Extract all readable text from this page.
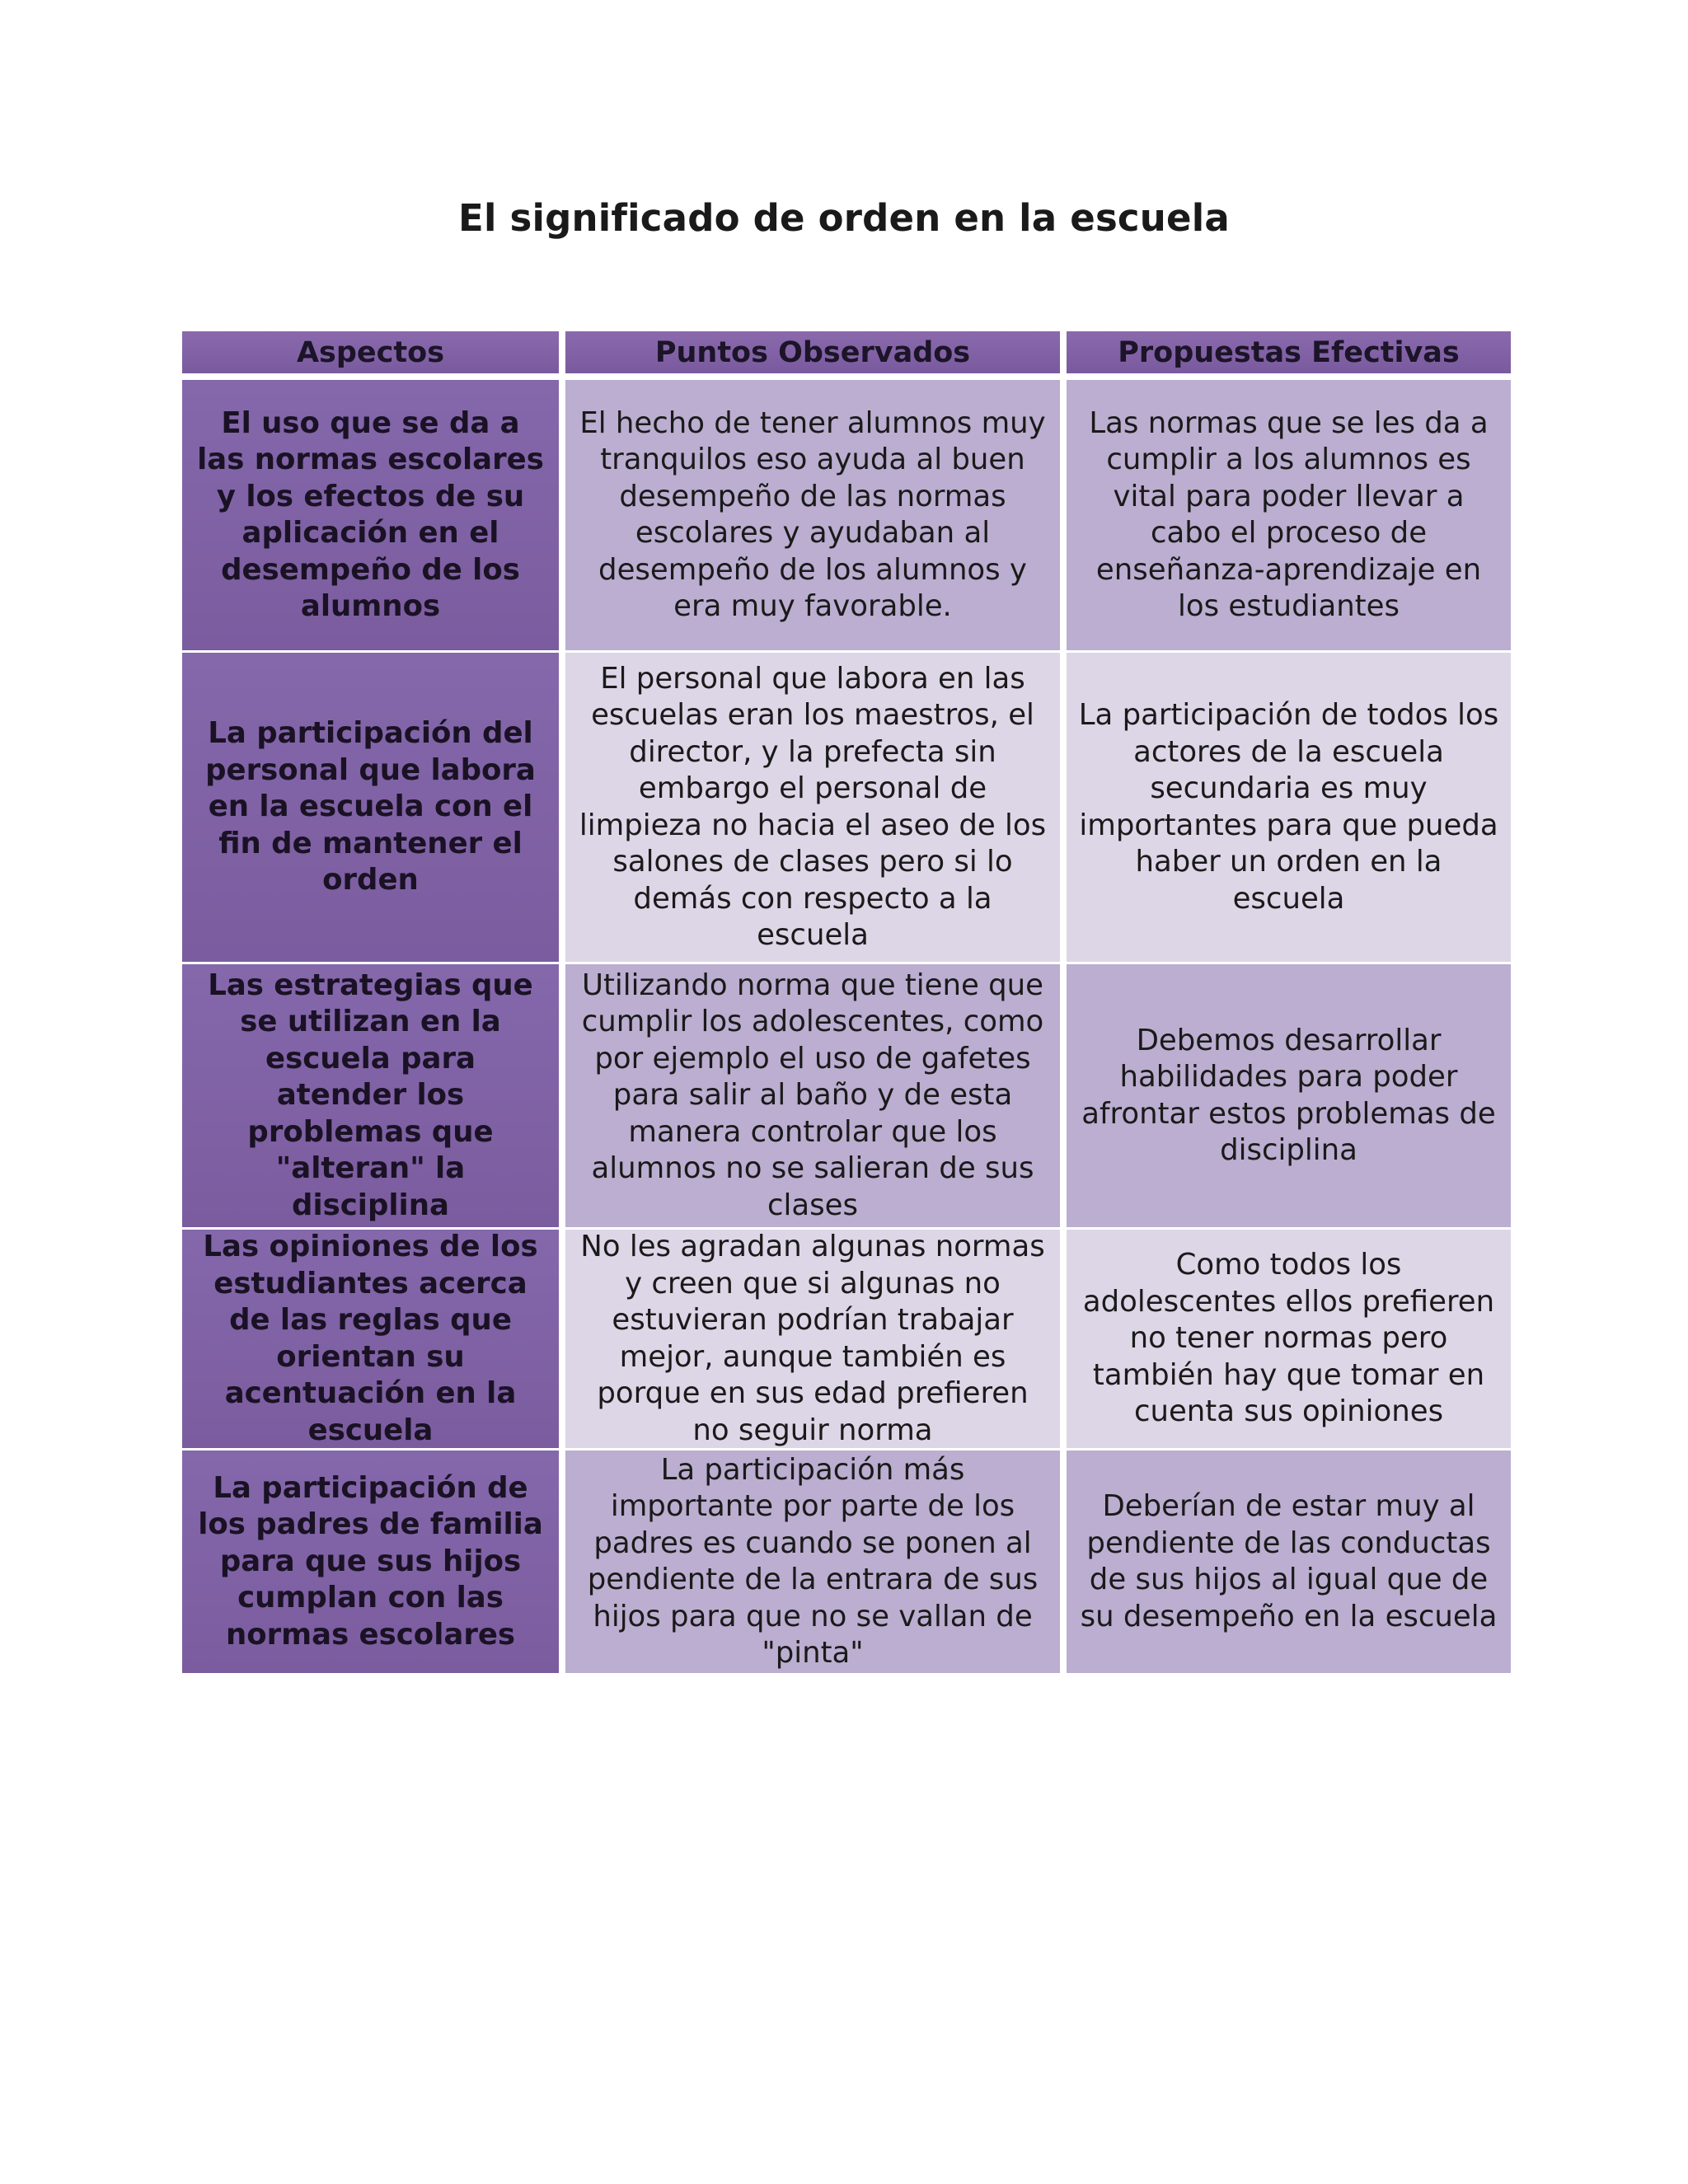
El significado de orden en la escuela
Aspectos	Puntos Observados	Propuestas Efectivas
El uso que se da a las normas escolares y los efectos de su aplicación en el desempeño de los alumnos
El hecho de tener alumnos muy tranquilos eso ayuda al buen desempeño de las normas escolares y ayudaban al desempeño de los alumnos y era muy favorable.
Las normas que se les da a cumplir a los alumnos es vital para poder llevar a cabo el proceso de enseñanza-aprendizaje en los estudiantes
La participación del personal que labora en la escuela con el fin de mantener el orden
El personal que labora en las escuelas eran los maestros, el director, y la prefecta sin embargo el personal de limpieza no hacia el aseo de los salones de clases pero si lo demás con respecto a la escuela
La participación de todos los actores de la escuela secundaria es muy importantes para que pueda haber un orden en la escuela
Las estrategias que se utilizan en la escuela para atender los problemas que "alteran" la disciplina
Utilizando norma que tiene que cumplir los adolescentes, como por ejemplo el uso de gafetes para salir al baño y de esta manera controlar que los alumnos no se salieran de sus clases
Debemos desarrollar habilidades para poder afrontar estos problemas de disciplina
Las opiniones de los estudiantes acerca de las reglas que orientan su acentuación en la escuela
No les agradan algunas normas y creen que si algunas no estuvieran podrían trabajar mejor, aunque también es porque en sus edad prefieren no seguir norma
Como todos los adolescentes ellos prefieren no tener normas pero también hay que tomar en cuenta sus opiniones
La participación de los padres de familia para que sus hijos cumplan con las normas escolares
La participación más importante por parte de los padres es cuando se ponen al pendiente de la entrara de sus hijos para que no se vallan de "pinta"
Deberían de estar muy al pendiente de las conductas de sus hijos al igual que de su desempeño en la escuela
